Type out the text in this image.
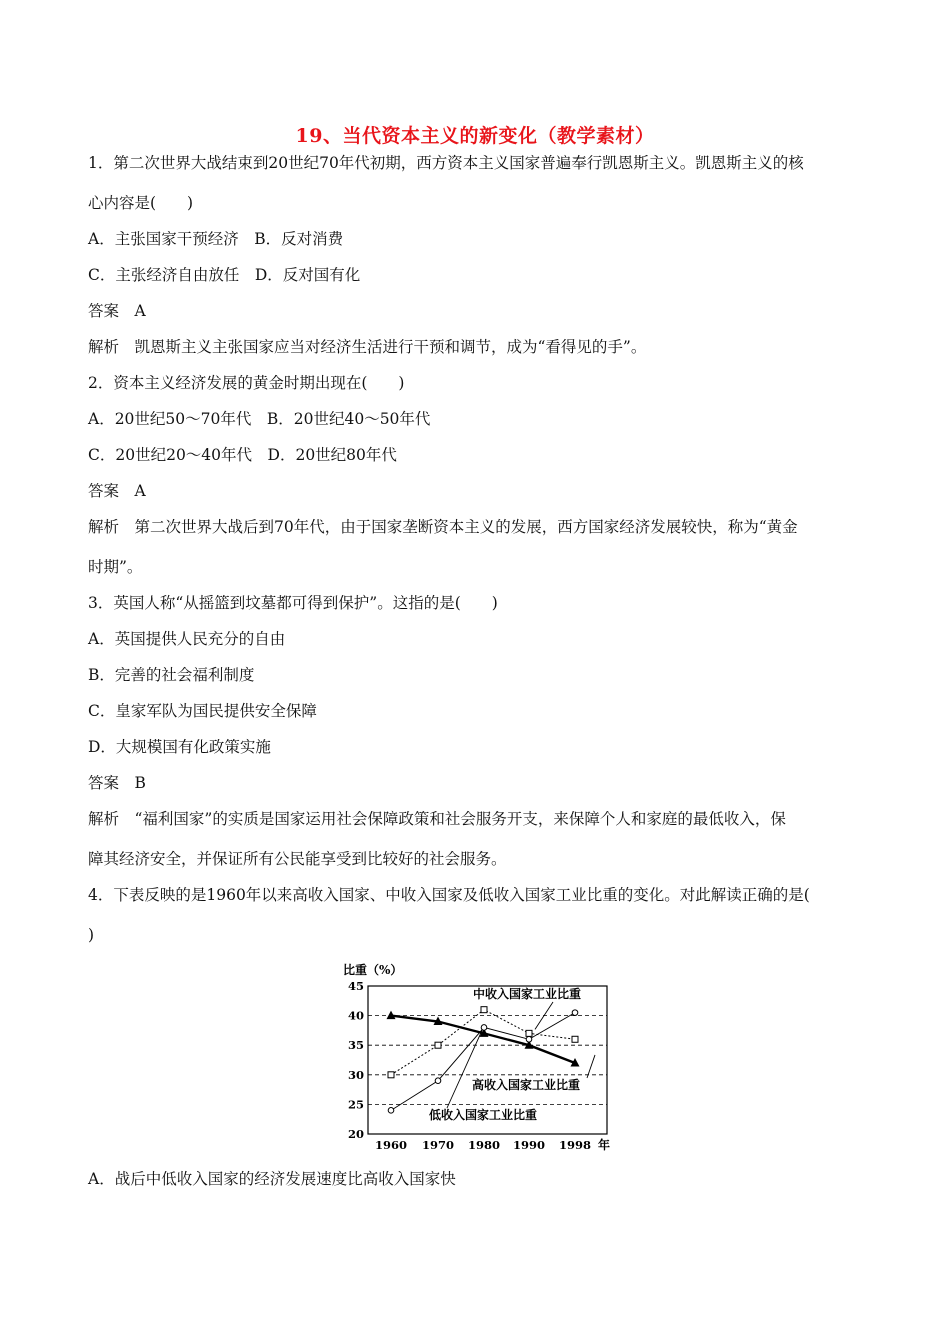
19、当代资本主义的新变化（教学素材）
1．第二次世界大战结束到20世纪70年代初期，西方资本主义国家普遍奉行凯恩斯主义。凯恩斯主义的核
心内容是(　　)
A．主张国家干预经济　B．反对消费
C．主张经济自由放任　D．反对国有化
答案　A
解析　凯恩斯主义主张国家应当对经济生活进行干预和调节，成为“看得见的手”。
2．资本主义经济发展的黄金时期出现在(　　)
A．20世纪50～70年代　B．20世纪40～50年代
C．20世纪20～40年代　D．20世纪80年代
答案　A
解析　第二次世界大战后到70年代，由于国家垄断资本主义的发展，西方国家经济发展较快，称为“黄金
时期”。
3．英国人称“从摇篮到坟墓都可得到保护”。这指的是(　　)
A．英国提供人民充分的自由
B．完善的社会福利制度
C．皇家军队为国民提供安全保障
D．大规模国有化政策实施
答案　B
解析　“福利国家”的实质是国家运用社会保障政策和社会服务开支，来保障个人和家庭的最低收入，保
障其经济安全，并保证所有公民能享受到比较好的社会服务。
4．下表反映的是1960年以来高收入国家、中收入国家及低收入国家工业比重的变化。对此解读正确的是(
)
A．战后中低收入国家的经济发展速度比高收入国家快
20
25
30
35
40
45
1960 1970 1980 1990 1998 年
比重（%）
中收入国家工业比重
高收入国家工业比重
低收入国家工业比重
